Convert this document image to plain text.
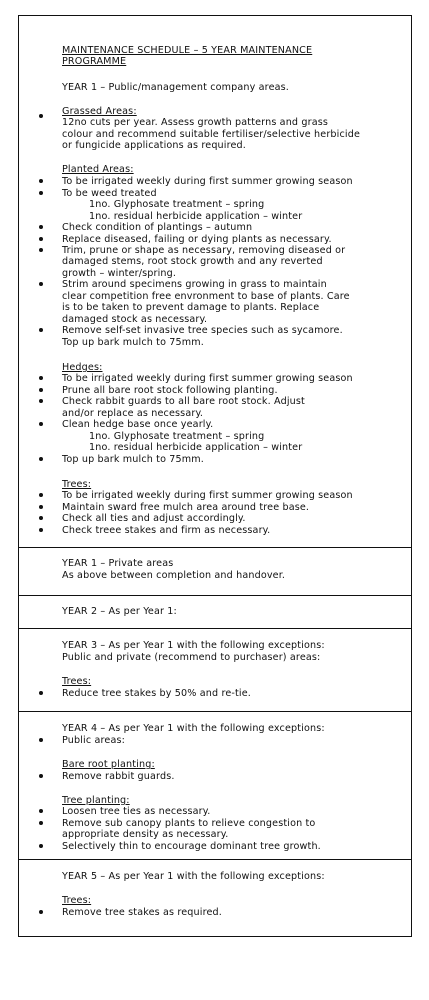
MAINTENANCE SCHEDULE – 5 YEAR MAINTENANCE
PROGRAMME
YEAR 1 – Public/management company areas.
Grassed Areas:
12no cuts per year. Assess growth patterns and grass
colour and recommend suitable fertiliser/selective herbicide
or fungicide applications as required.
Planted Areas:
To be irrigated weekly during first summer growing season
To be weed treated
1no. Glyphosate treatment – spring
1no. residual herbicide application – winter
Check condition of plantings – autumn
Replace diseased, failing or dying plants as necessary.
Trim, prune or shape as necessary, removing diseased or
damaged stems, root stock growth and any reverted
growth – winter/spring.
Strim around specimens growing in grass to maintain
clear competition free envronment to base of plants. Care
is to be taken to prevent damage to plants. Replace
damaged stock as necessary.
Remove self-set invasive tree species such as sycamore.
Top up bark mulch to 75mm.
Hedges:
To be irrigated weekly during first summer growing season
Prune all bare root stock following planting.
Check rabbit guards to all bare root stock. Adjust
and/or replace as necessary.
Clean hedge base once yearly.
1no. Glyphosate treatment – spring
1no. residual herbicide application – winter
Top up bark mulch to 75mm.
Trees:
To be irrigated weekly during first summer growing season
Maintain sward free mulch area around tree base.
Check all ties and adjust accordingly.
Check treee stakes and firm as necessary.
YEAR 1 – Private areas
As above between completion and handover.
YEAR 2 – As per Year 1:
YEAR 3 – As per Year 1 with the following exceptions:
Public and private (recommend to purchaser) areas:
Trees:
Reduce tree stakes by 50% and re-tie.
YEAR 4 – As per Year 1 with the following exceptions:
Public areas:
Bare root planting:
Remove rabbit guards.
Tree planting:
Loosen tree ties as necessary.
Remove sub canopy plants to relieve congestion to
appropriate density as necessary.
Selectively thin to encourage dominant tree growth.
YEAR 5 – As per Year 1 with the following exceptions:
Trees:
Remove tree stakes as required.
